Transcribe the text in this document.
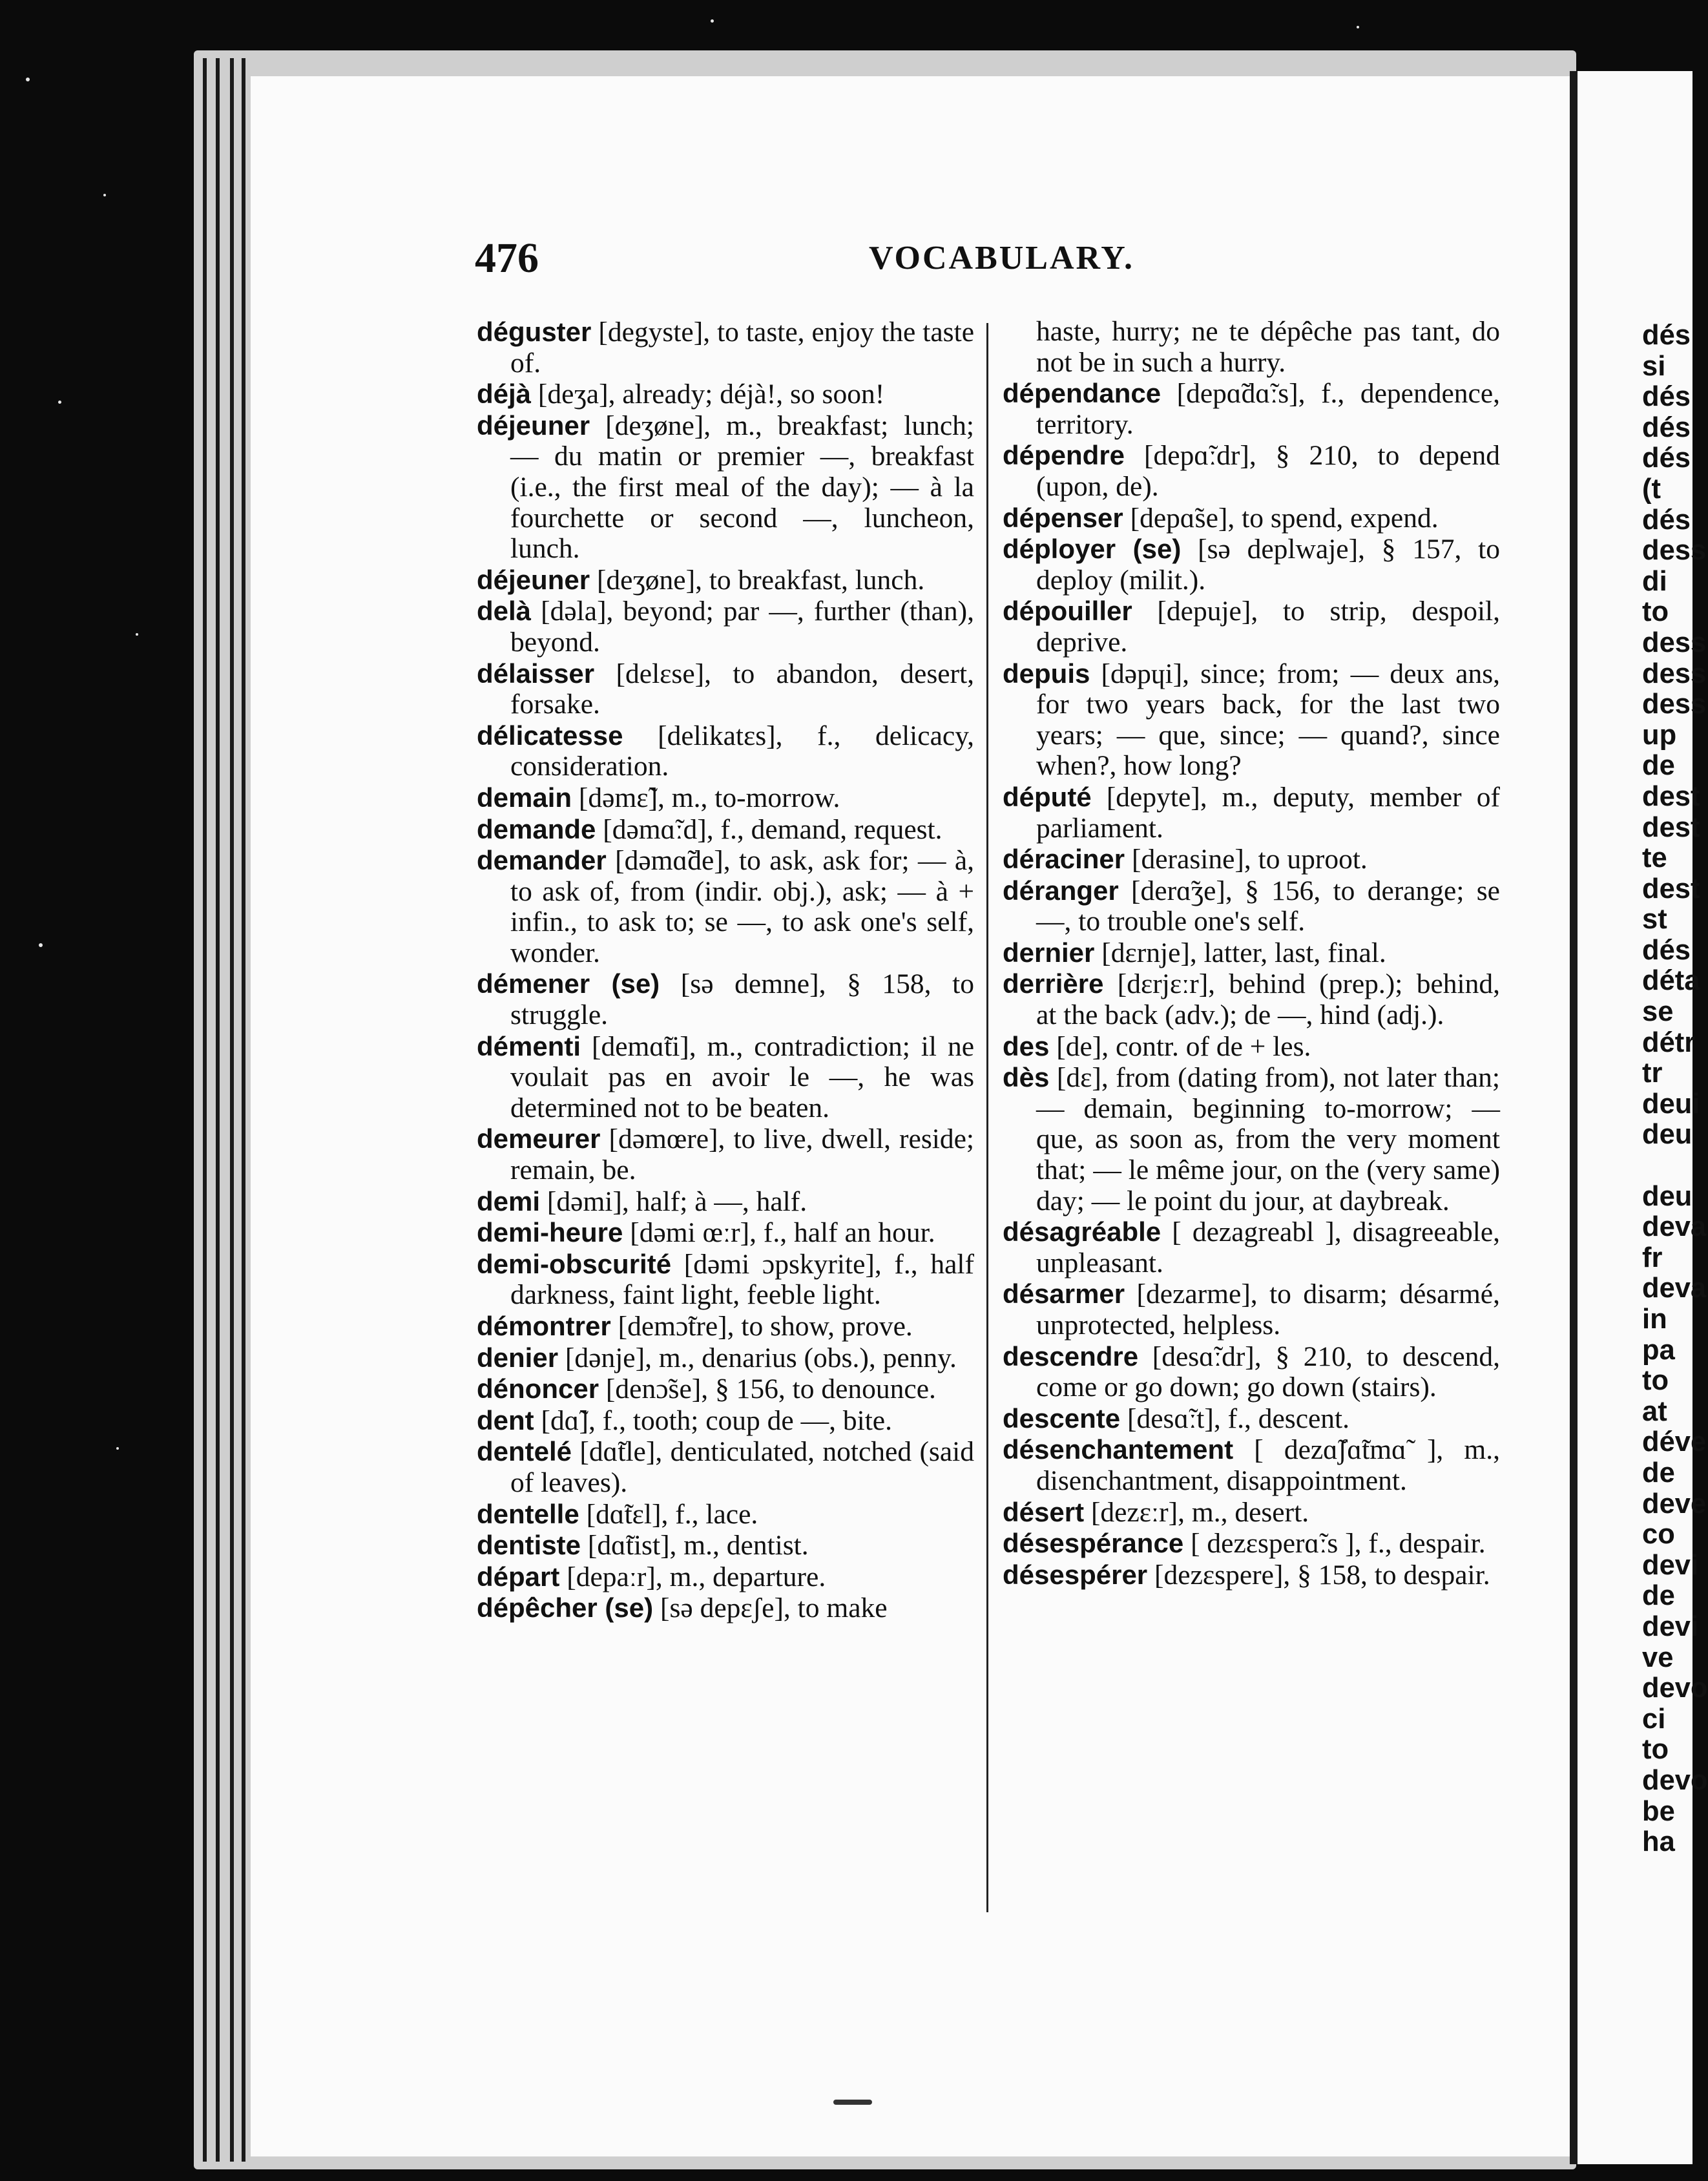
dés

si

dés

dés

dés

(t

dés

dess

di

to

dess

dess

dess

up

de

dest

dest

te

dest

st

dés

déta

se

détr

tr

deui

deu

deu

deva

fr

deva

in

pa

to

at

déve

de

deve

co

devi

de

devi

ve

devo

ci

to

devo

be

ha

476	VOCABULARY.

déguster [degyste], to taste, enjoy the taste of.

déjà [deʒa], already; déjà!, so soon!

déjeuner [deʒøne], m., breakfast; lunch; — du matin or premier —, breakfast (i.e., the first meal of the day); — à la fourchette or second —, luncheon, lunch.

déjeuner [deʒøne], to breakfast, lunch.

delà [dəla], beyond; par —, further (than), beyond.

délaisser [delɛse], to abandon, desert, forsake.

délicatesse [delikatɛs], f., delicacy, consideration.

demain [dəmɛ̃], m., to-morrow.

demande [dəmɑ̃ːd], f., demand, request.

demander [dəmɑ̃de], to ask, ask for; — à, to ask of, from (indir. obj.), ask; — à + infin., to ask to; se —, to ask one's self, wonder.

démener (se) [sə demne], § 158, to struggle.

démenti [demɑ̃ti], m., contradiction; il ne voulait pas en avoir le —, he was determined not to be beaten.

demeurer [dəmœre], to live, dwell, reside; remain, be.

demi [dəmi], half; à —, half.

demi-heure [dəmi œːr], f., half an hour.

demi-obscurité [dəmi ɔpskyrite], f., half darkness, faint light, feeble light.

démontrer [demɔ̃tre], to show, prove.

denier [dənje], m., denarius (obs.), penny.

dénoncer [denɔ̃se], § 156, to denounce.

dent [dɑ̃], f., tooth; coup de —, bite.

dentelé [dɑ̃tle], denticulated, notched (said of leaves).

dentelle [dɑ̃tɛl], f., lace.

dentiste [dɑ̃tist], m., dentist.

départ [depaːr], m., departure.

dépêcher (se) [sə depɛʃe], to make

haste, hurry; ne te dépêche pas tant, do not be in such a hurry.

dépendance [depɑ̃dɑ̃ːs], f., dependence, territory.

dépendre [depɑ̃ːdr], § 210, to depend (upon, de).

dépenser [depɑ̃se], to spend, expend.

déployer (se) [sə deplwaje], § 157, to deploy (milit.).

dépouiller [depuje], to strip, despoil, deprive.

depuis [dəpɥi], since; from; — deux ans, for two years back, for the last two years; — que, since; — quand?, since when?, how long?

député [depyte], m., deputy, member of parliament.

déraciner [derasine], to uproot.

déranger [derɑ̃ʒe], § 156, to derange; se —, to trouble one's self.

dernier [dɛrnje], latter, last, final.

derrière [dɛrjɛːr], behind (prep.); behind, at the back (adv.); de —, hind (adj.).

des [de], contr. of de + les.

dès [dɛ], from (dating from), not later than; — demain, beginning to-morrow; — que, as soon as, from the very moment that; — le même jour, on the (very same) day; — le point du jour, at daybreak.

désagréable [ dezagreabl ], disagreeable, unpleasant.

désarmer [dezarme], to disarm; désarmé, unprotected, helpless.

descendre [desɑ̃ːdr], § 210, to descend, come or go down; go down (stairs).

descente [desɑ̃ːt], f., descent.

désenchantement [ dezɑ̃ʃɑ̃tmɑ̃ ], m., disenchantment, disappointment.

désert [dezɛːr], m., desert.

désespérance [ dezɛsperɑ̃ːs ], f., despair.

désespérer [dezɛspere], § 158, to despair.
